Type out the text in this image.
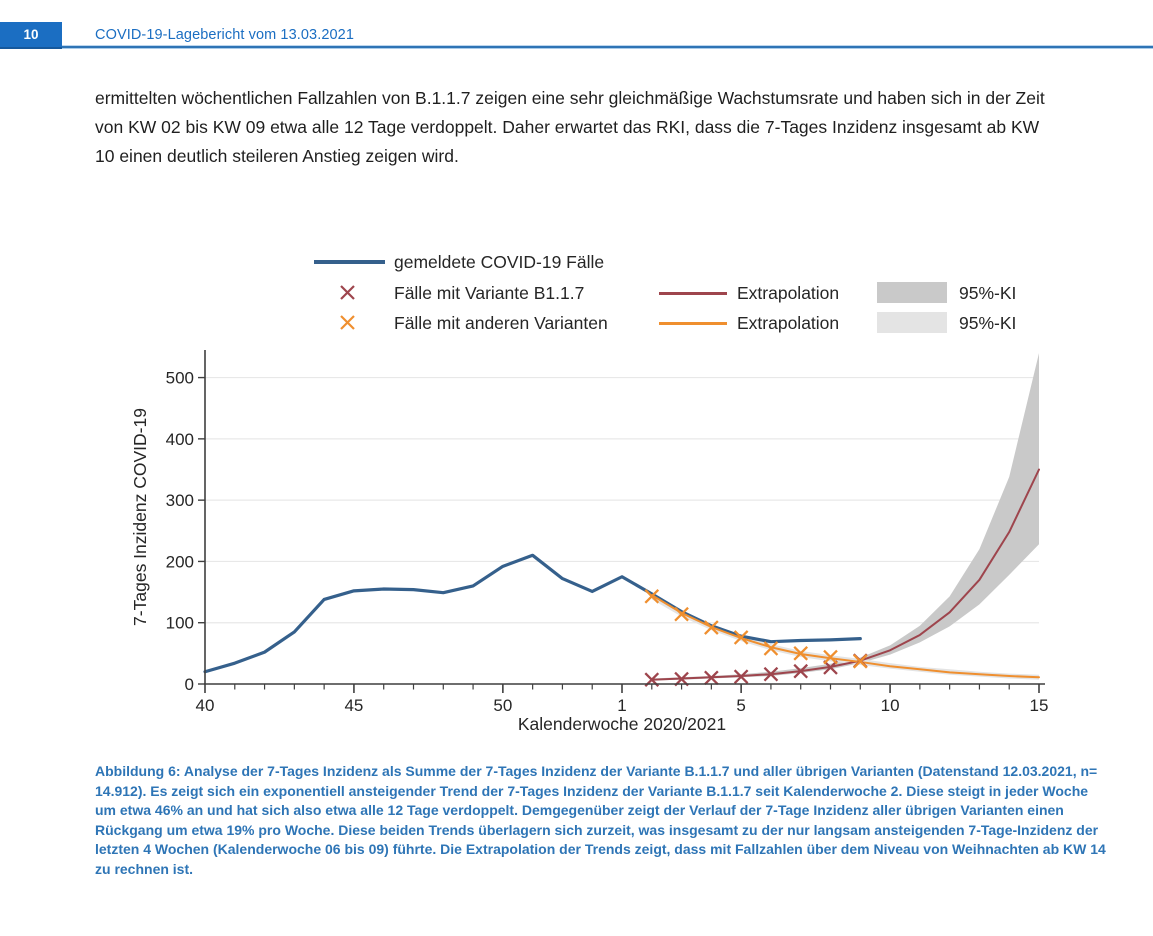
10	COVID-19-Lagebericht vom 13.03.2021

ermittelten wöchentlichen Fallzahlen von B.1.1.7 zeigen eine sehr gleichmäßige Wachstumsrate und haben sich in der Zeit von KW 02 bis KW 09 etwa alle 12 Tage verdoppelt. Daher erwartet das RKI, dass die 7-Tages Inzidenz insgesamt ab KW 10 einen deutlich steileren Anstieg zeigen wird.

gemeldete COVID-19 Fälle
Fälle mit Variante B1.1.7	Extrapolation	95%-KI
Fälle mit anderen Varianten	Extrapolation	95%-KI
40	45	50	1	5	10	15
0
100
200
300
400
500
Kalenderwoche 2020/2021
7-Tages Inzidenz COVID-19

Abbildung 6: Analyse der 7-Tages Inzidenz als Summe der 7-Tages Inzidenz der Variante B.1.1.7 und aller übrigen Varianten (Datenstand 12.03.2021, n= 14.912). Es zeigt sich ein exponentiell ansteigender Trend der 7-Tages Inzidenz der Variante B.1.1.7 seit Kalenderwoche 2. Diese steigt in jeder Woche um etwa 46% an und hat sich also etwa alle 12 Tage verdoppelt. Demgegenüber zeigt der Verlauf der 7-Tage Inzidenz aller übrigen Varianten einen Rückgang um etwa 19% pro Woche. Diese beiden Trends überlagern sich zurzeit, was insgesamt zu der nur langsam ansteigenden 7-Tage-Inzidenz der letzten 4 Wochen (Kalenderwoche 06 bis 09) führte. Die Extrapolation der Trends zeigt, dass mit Fallzahlen über dem Niveau von Weihnachten ab KW 14 zu rechnen ist.
